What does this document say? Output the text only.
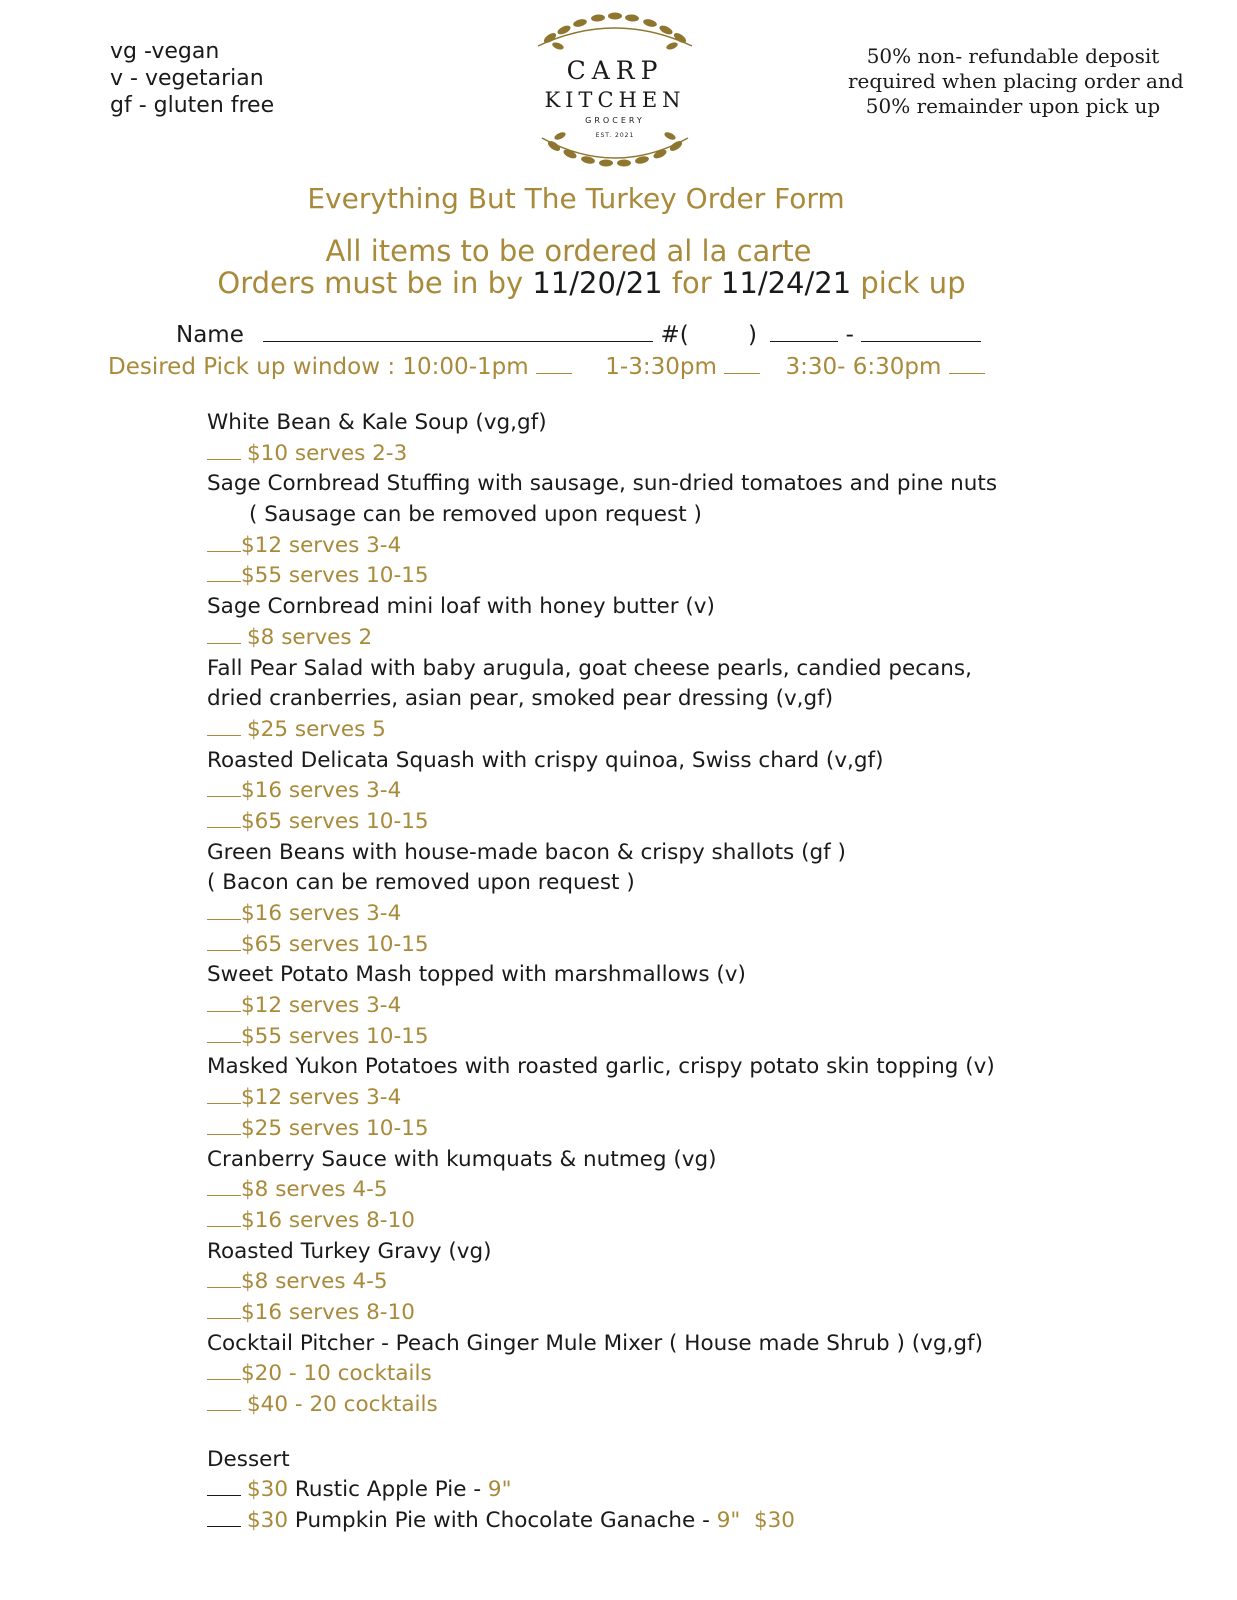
vg -vegan
v - vegetarian
gf - gluten free
CARP
KITCHEN
GROCERY
EST. 2021
50% non- refundable deposit
required when placing order and
50% remainder upon pick up
Everything But The Turkey Order Form
All items to be ordered al la carte
Orders must be in by 11/20/21 for 11/24/21 pick up
Name	#(	)	-
Desired Pick up window : 10:00-1pm	1-3:30pm	3:30- 6:30pm
White Bean & Kale Soup (vg,gf)
$10 serves 2-3
Sage Cornbread Stuffing with sausage, sun-dried tomatoes and pine nuts
( Sausage can be removed upon request )
$12 serves 3-4
$55 serves 10-15
Sage Cornbread mini loaf with honey butter (v)
$8 serves 2
Fall Pear Salad with baby arugula, goat cheese pearls, candied pecans,
dried cranberries, asian pear, smoked pear dressing (v,gf)
$25 serves 5
Roasted Delicata Squash with crispy quinoa, Swiss chard (v,gf)
$16 serves 3-4
$65 serves 10-15
Green Beans with house-made bacon & crispy shallots (gf )
( Bacon can be removed upon request )
$16 serves 3-4
$65 serves 10-15
Sweet Potato Mash topped with marshmallows (v)
$12 serves 3-4
$55 serves 10-15
Masked Yukon Potatoes with roasted garlic, crispy potato skin topping (v)
$12 serves 3-4
$25 serves 10-15
Cranberry Sauce with kumquats & nutmeg (vg)
$8 serves 4-5
$16 serves 8-10
Roasted Turkey Gravy (vg)
$8 serves 4-5
$16 serves 8-10
Cocktail Pitcher - Peach Ginger Mule Mixer ( House made Shrub ) (vg,gf)
$20 - 10 cocktails
$40 - 20 cocktails
Dessert
$30 Rustic Apple Pie - 9"
$30 Pumpkin Pie with Chocolate Ganache - 9" $30
